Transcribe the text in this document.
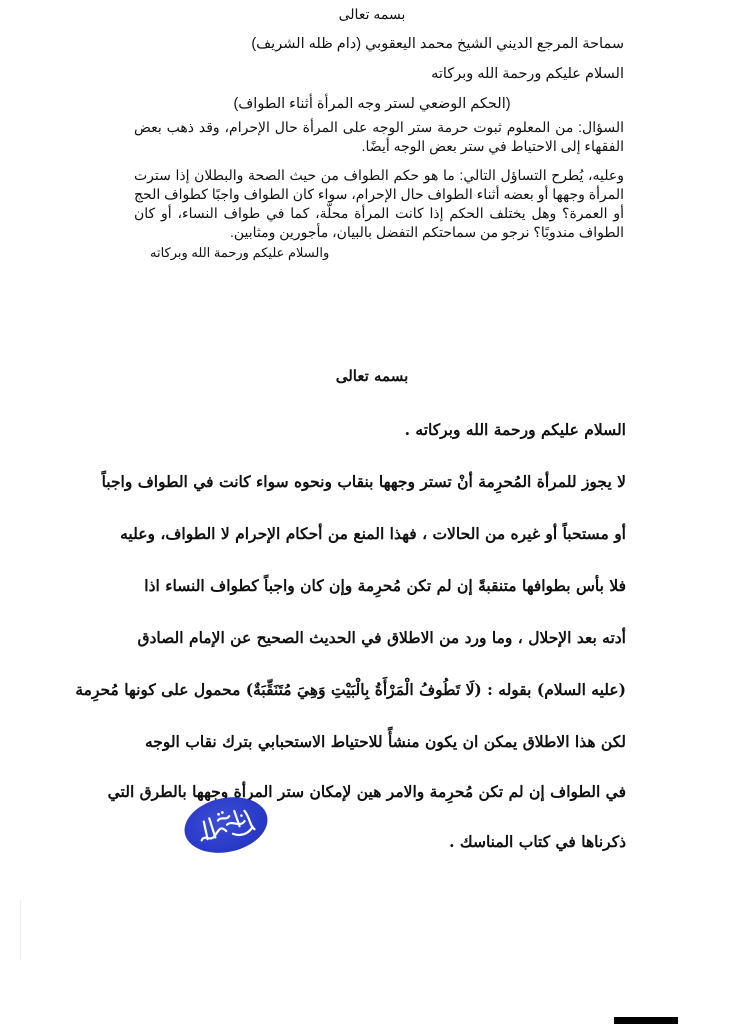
بسمه تعالى
سماحة المرجع الديني الشيخ محمد اليعقوبي (دام ظله الشريف)
السلام عليكم ورحمة الله وبركاته
(الحكم الوضعي لستر وجه المرأة أثناء الطواف)

السؤال: من المعلوم ثبوت حرمة ستر الوجه على المرأة حال الإحرام، وقد ذهب بعض الفقهاء إلى الاحتياط في ستر بعض الوجه أيضًا.

وعليه، يُطرح التساؤل التالي: ما هو حكم الطواف من حيث الصحة والبطلان إذا سترت المرأة وجهها أو بعضه أثناء الطواف حال الإحرام، سواء كان الطواف واجبًا كطواف الحج أو العمرة؟ وهل يختلف الحكم إذا كانت المرأة محلّة، كما في طواف النساء، أو كان الطواف مندوبًا؟ نرجو من سماحتكم التفضل بالبيان، مأجورين ومثابين.

والسلام عليكم ورحمة الله وبركاته
بسمه تعالى
السلام عليكم ورحمة الله وبركاته .
لا يجوز للمرأة المُحرِمة أنْ تستر وجهها بنقاب ونحوه سواء كانت في الطواف واجباً
أو مستحباً أو غيره من الحالات ، فهذا المنع من أحكام الإحرام لا الطواف، وعليه
فلا بأس بطوافها متنقبةً إن لم تكن مُحرِمة وإن كان واجباً كطواف النساء اذا
أدته بعد الإحلال ، وما ورد من الاطلاق في الحديث الصحيح عن الإمام الصادق
(عليه السلام) بقوله : (لَا تَطُوفُ الْمَرْأَةُ بِالْبَيْتِ وَهِيَ مُتَنَقِّبَةٌ) محمول على كونها مُحرِمة
لكن هذا الاطلاق يمكن ان يكون منشأً للاحتياط الاستحبابي بترك نقاب الوجه
في الطواف إن لم تكن مُحرِمة والامر هين لإمكان ستر المرأة وجهها بالطرق التي
ذكرناها في كتاب المناسك .
